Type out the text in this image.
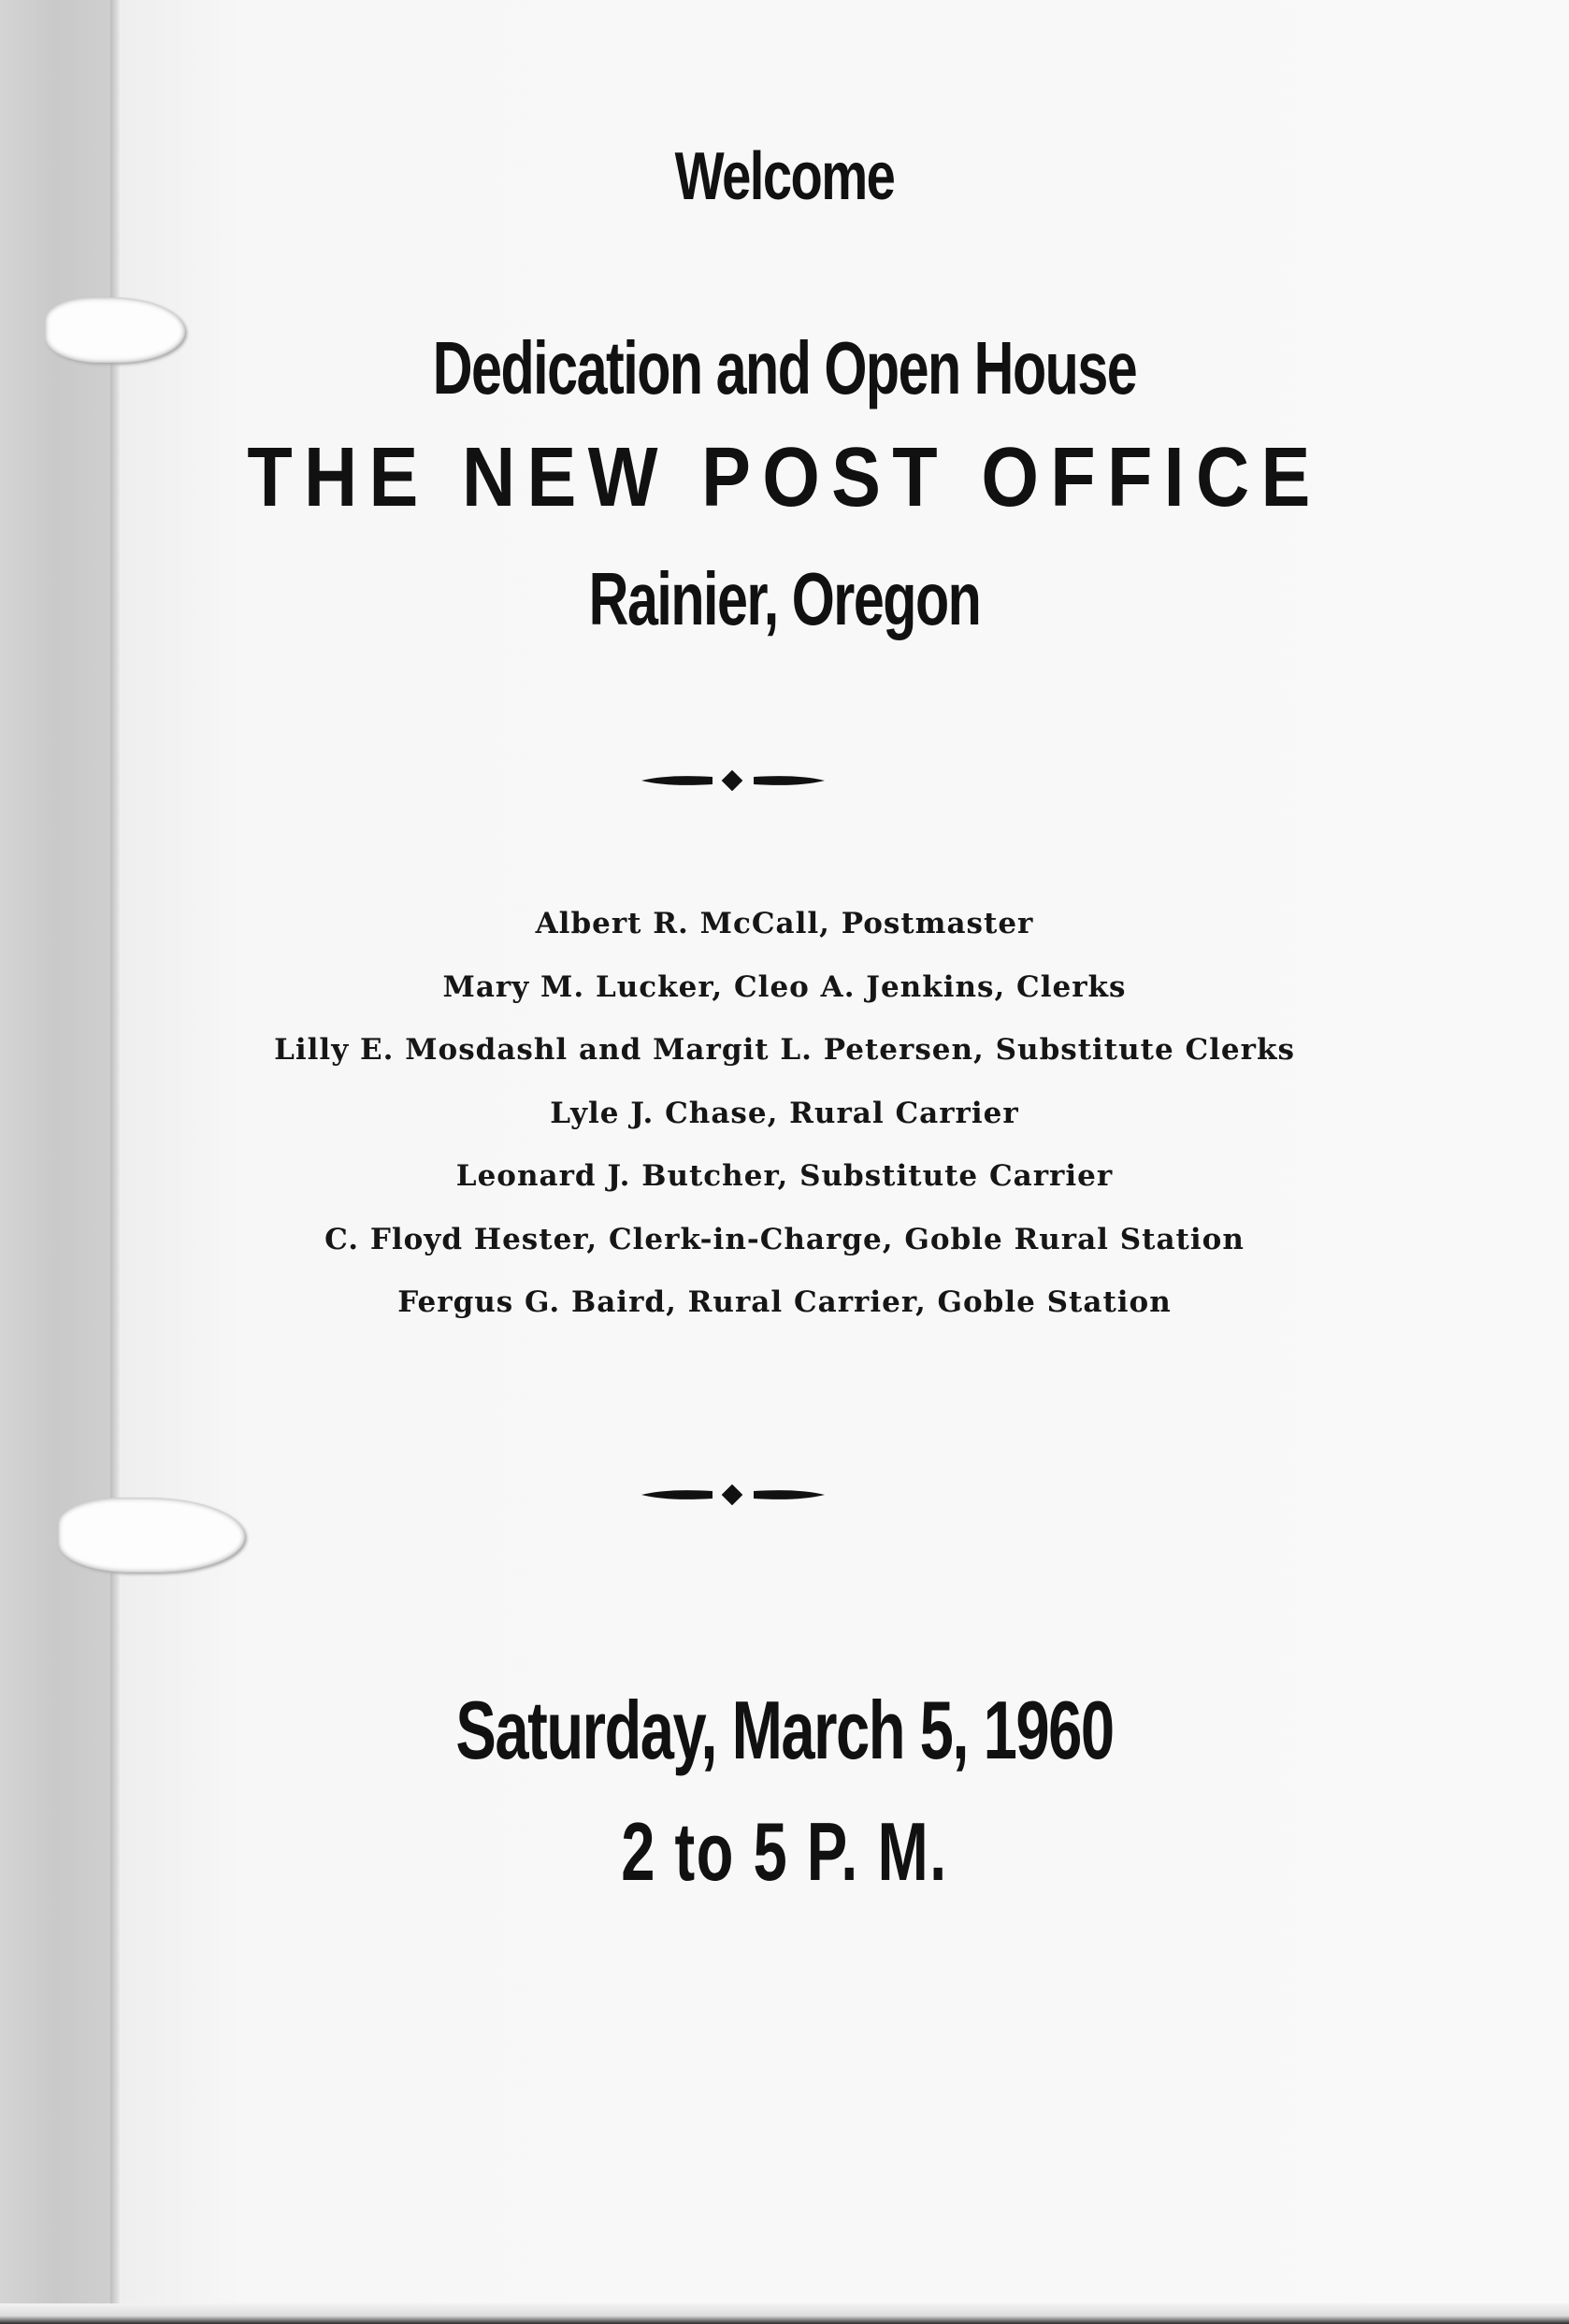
Welcome
Dedication and Open House
THE NEW POST OFFICE
Rainier, Oregon
Albert R. McCall, Postmaster
Mary M. Lucker, Cleo A. Jenkins, Clerks
Lilly E. Mosdashl and Margit L. Petersen, Substitute Clerks
Lyle J. Chase, Rural Carrier
Leonard J. Butcher, Substitute Carrier
C. Floyd Hester, Clerk-in-Charge, Goble Rural Station
Fergus G. Baird, Rural Carrier, Goble Station
Saturday, March 5, 1960
2 to 5 P. M.
